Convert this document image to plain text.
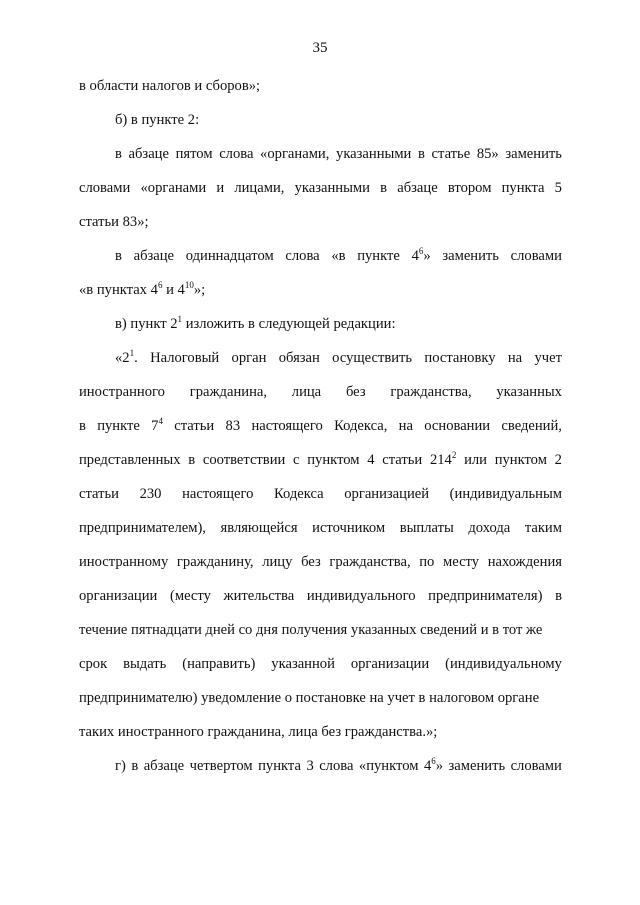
35
в области налогов и сборов»;
б) в пункте 2:
в абзаце пятом слова «органами, указанными в статье 85» заменить
словами «органами и лицами, указанными в абзаце втором пункта 5
статьи 83»;
в абзаце одиннадцатом слова «в пункте $4^6$» заменить словами
«в пунктах $4^6$ и $4^{10}$»;
в) пункт $2^1$ изложить в следующей редакции:
«$2^1$. Налоговый орган обязан осуществить постановку на учет
иностранного гражданина, лица без гражданства, указанных
в пункте $7^4$ статьи 83 настоящего Кодекса, на основании сведений,
представленных в соответствии с пунктом 4 статьи $214^2$ или пунктом 2
статьи 230 настоящего Кодекса организацией (индивидуальным
предпринимателем), являющейся источником выплаты дохода таким
иностранному гражданину, лицу без гражданства, по месту нахождения
организации (месту жительства индивидуального предпринимателя) в
течение пятнадцати дней со дня получения указанных сведений и в тот же
срок выдать (направить) указанной организации (индивидуальному
предпринимателю) уведомление о постановке на учет в налоговом органе
таких иностранного гражданина, лица без гражданства.»;
г) в абзаце четвертом пункта 3 слова «пунктом $4^6$» заменить словами
